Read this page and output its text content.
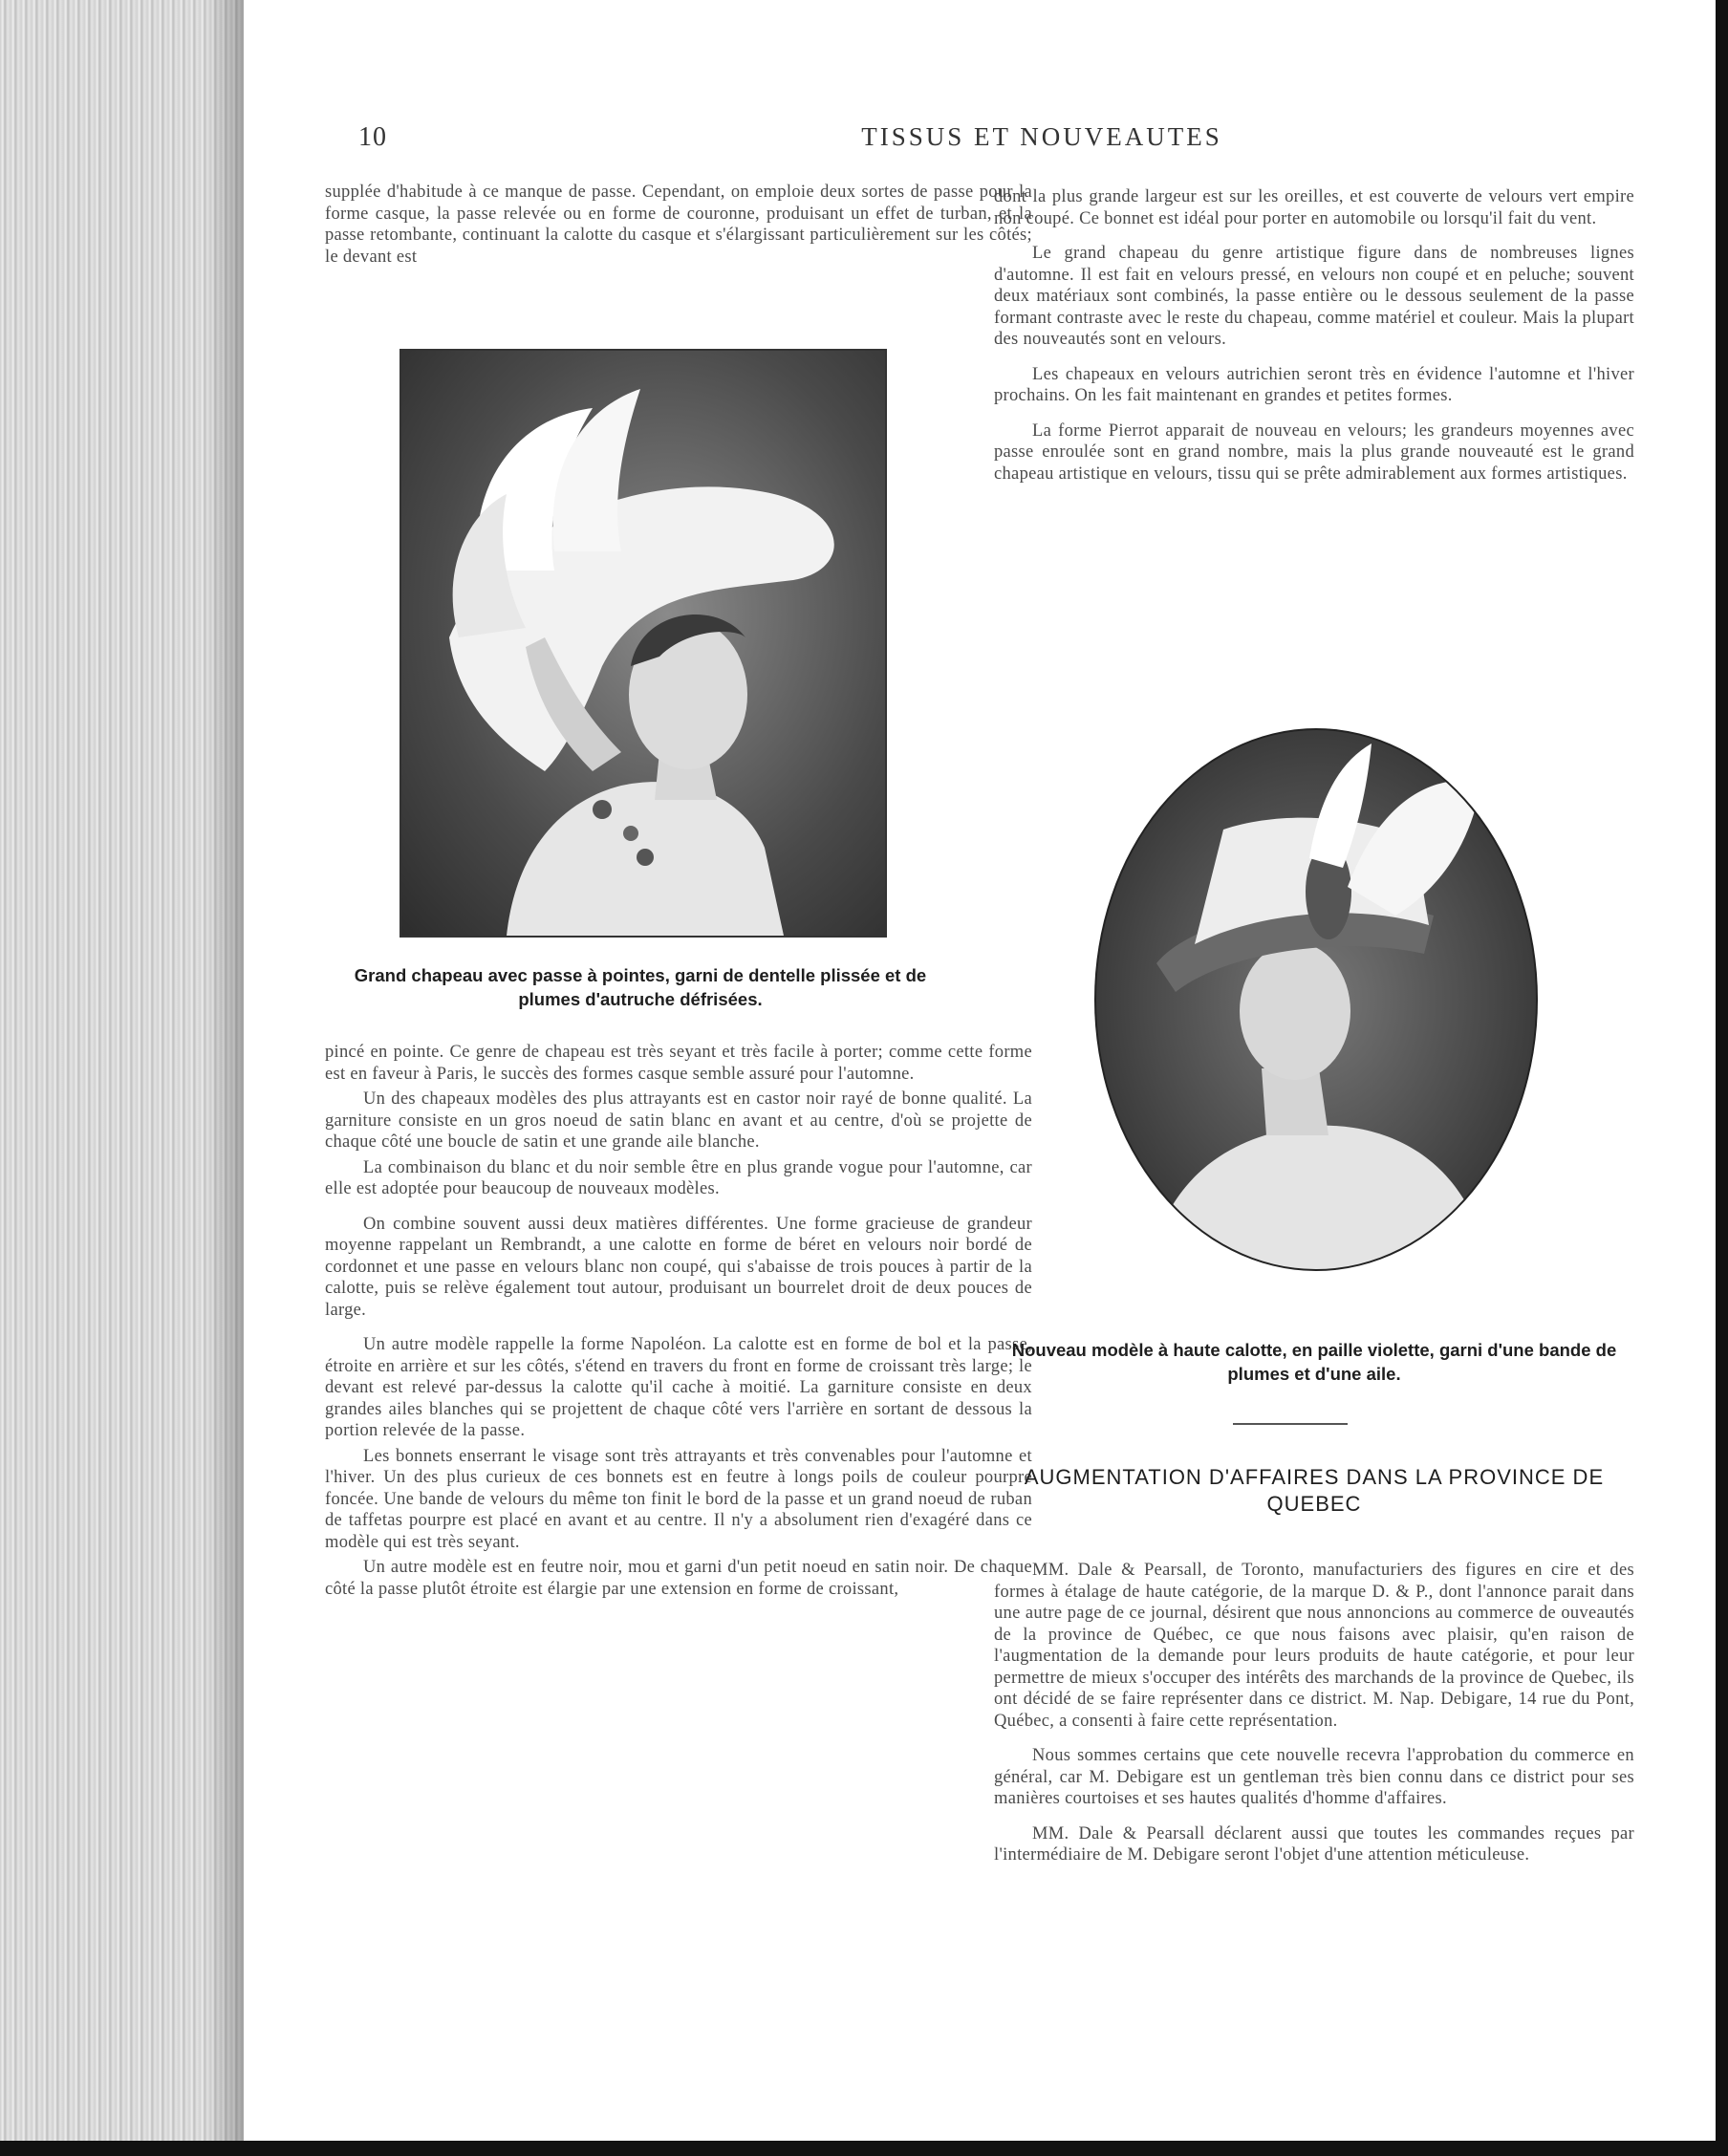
10	TISSUS ET NOUVEAUTES

supplée d'habitude à ce manque de passe. Cependant, on emploie deux sortes de passe pour la forme casque, la passe relevée ou en forme de couronne, produisant un effet de turban, et la passe retombante, continuant la calotte du casque et s'élargissant particulièrement sur les côtés; le devant est

Grand chapeau avec passe à pointes, garni de dentelle plissée et de plumes d'autruche défrisées.

pincé en pointe. Ce genre de chapeau est très seyant et très facile à porter; comme cette forme est en faveur à Paris, le succès des formes casque semble assuré pour l'automne.

Un des chapeaux modèles des plus attrayants est en castor noir rayé de bonne qualité. La garniture consiste en un gros noeud de satin blanc en avant et au centre, d'où se projette de chaque côté une boucle de satin et une grande aile blanche.

La combinaison du blanc et du noir semble être en plus grande vogue pour l'automne, car elle est adoptée pour beaucoup de nouveaux modèles.

On combine souvent aussi deux matières différentes. Une forme gracieuse de grandeur moyenne rappelant un Rembrandt, a une calotte en forme de béret en velours noir bordé de cordonnet et une passe en velours blanc non coupé, qui s'abaisse de trois pouces à partir de la calotte, puis se relève également tout autour, produisant un bourrelet droit de deux pouces de large.

Un autre modèle rappelle la forme Napoléon. La calotte est en forme de bol et la passe, étroite en arrière et sur les côtés, s'étend en travers du front en forme de croissant très large; le devant est relevé par-dessus la calotte qu'il cache à moitié. La garniture consiste en deux grandes ailes blanches qui se projettent de chaque côté vers l'arrière en sortant de dessous la portion relevée de la passe.

Les bonnets enserrant le visage sont très attrayants et très convenables pour l'automne et l'hiver. Un des plus curieux de ces bonnets est en feutre à longs poils de couleur pourpre foncée. Une bande de velours du même ton finit le bord de la passe et un grand noeud de ruban de taffetas pourpre est placé en avant et au centre. Il n'y a absolument rien d'exagéré dans ce modèle qui est très seyant.

Un autre modèle est en feutre noir, mou et garni d'un petit noeud en satin noir. De chaque côté la passe plutôt étroite est élargie par une extension en forme de croissant,

dont la plus grande largeur est sur les oreilles, et est couverte de velours vert empire non coupé. Ce bonnet est idéal pour porter en automobile ou lorsqu'il fait du vent.

Le grand chapeau du genre artistique figure dans de nombreuses lignes d'automne. Il est fait en velours pressé, en velours non coupé et en peluche; souvent deux matériaux sont combinés, la passe entière ou le dessous seulement de la passe formant contraste avec le reste du chapeau, comme matériel et couleur. Mais la plupart des nouveautés sont en velours.

Les chapeaux en velours autrichien seront très en évidence l'automne et l'hiver prochains. On les fait maintenant en grandes et petites formes.

La forme Pierrot apparait de nouveau en velours; les grandeurs moyennes avec passe enroulée sont en grand nombre, mais la plus grande nouveauté est le grand chapeau artistique en velours, tissu qui se prête admirablement aux formes artistiques.

Nouveau modèle à haute calotte, en paille violette, garni d'une bande de plumes et d'une aile.
AUGMENTATION D'AFFAIRES DANS LA PROVINCE DE QUEBEC

MM. Dale & Pearsall, de Toronto, manufacturiers des figures en cire et des formes à étalage de haute catégorie, de la marque D. & P., dont l'annonce parait dans une autre page de ce journal, désirent que nous annoncions au commerce de ouveautés de la province de Québec, ce que nous faisons avec plaisir, qu'en raison de l'augmentation de la demande pour leurs produits de haute catégorie, et pour leur permettre de mieux s'occuper des intérêts des marchands de la province de Quebec, ils ont décidé de se faire représenter dans ce district. M. Nap. Debigare, 14 rue du Pont, Québec, a consenti à faire cette représentation.

Nous sommes certains que cete nouvelle recevra l'approbation du commerce en général, car M. Debigare est un gentleman très bien connu dans ce district pour ses manières courtoises et ses hautes qualités d'homme d'affaires.

MM. Dale & Pearsall déclarent aussi que toutes les commandes reçues par l'intermédiaire de M. Debigare seront l'objet d'une attention méticuleuse.
